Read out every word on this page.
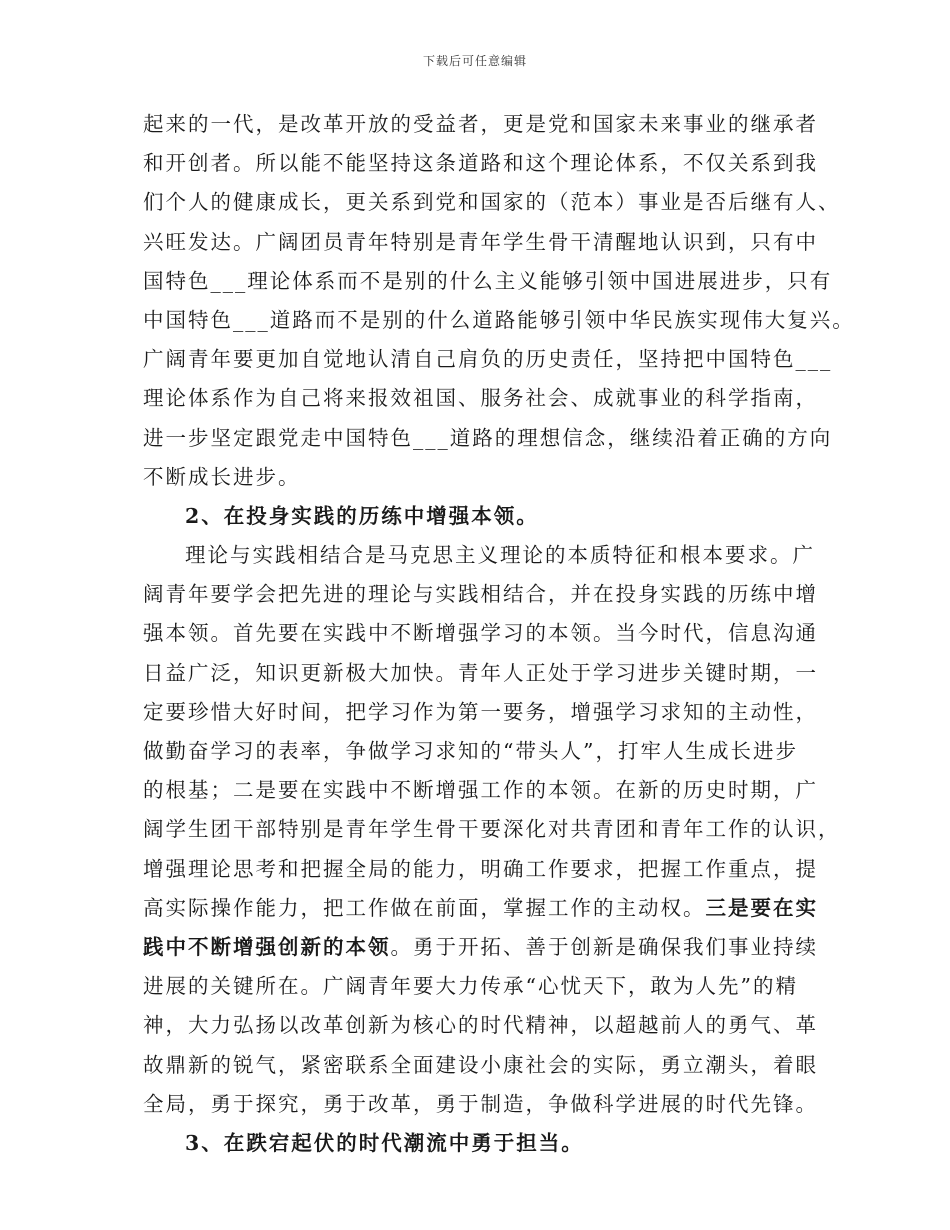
下载后可任意编辑
起来的一代，是改革开放的受益者，更是党和国家未来事业的继承者
和开创者。所以能不能坚持这条道路和这个理论体系，不仅关系到我
们个人的健康成长，更关系到党和国家的（范本）事业是否后继有人、
兴旺发达。广阔团员青年特别是青年学生骨干清醒地认识到，只有中
国特色___理论体系而不是别的什么主义能够引领中国进展进步，只有
中国特色___道路而不是别的什么道路能够引领中华民族实现伟大复兴。
广阔青年要更加自觉地认清自己肩负的历史责任，坚持把中国特色___
理论体系作为自己将来报效祖国、服务社会、成就事业的科学指南，
进一步坚定跟党走中国特色___道路的理想信念，继续沿着正确的方向
不断成长进步。
2、在投身实践的历练中增强本领。
理论与实践相结合是马克思主义理论的本质特征和根本要求。广
阔青年要学会把先进的理论与实践相结合，并在投身实践的历练中增
强本领。首先要在实践中不断增强学习的本领。当今时代，信息沟通
日益广泛，知识更新极大加快。青年人正处于学习进步关键时期，一
定要珍惜大好时间，把学习作为第一要务，增强学习求知的主动性，
做勤奋学习的表率，争做学习求知的“带头人”，打牢人生成长进步
的根基；二是要在实践中不断增强工作的本领。在新的历史时期，广
阔学生团干部特别是青年学生骨干要深化对共青团和青年工作的认识，
增强理论思考和把握全局的能力，明确工作要求，把握工作重点，提
高实际操作能力，把工作做在前面，掌握工作的主动权。三是要在实
践中不断增强创新的本领。勇于开拓、善于创新是确保我们事业持续
进展的关键所在。广阔青年要大力传承“心忧天下，敢为人先”的精
神，大力弘扬以改革创新为核心的时代精神，以超越前人的勇气、革
故鼎新的锐气，紧密联系全面建设小康社会的实际，勇立潮头，着眼
全局，勇于探究，勇于改革，勇于制造，争做科学进展的时代先锋。
3、在跌宕起伏的时代潮流中勇于担当。
